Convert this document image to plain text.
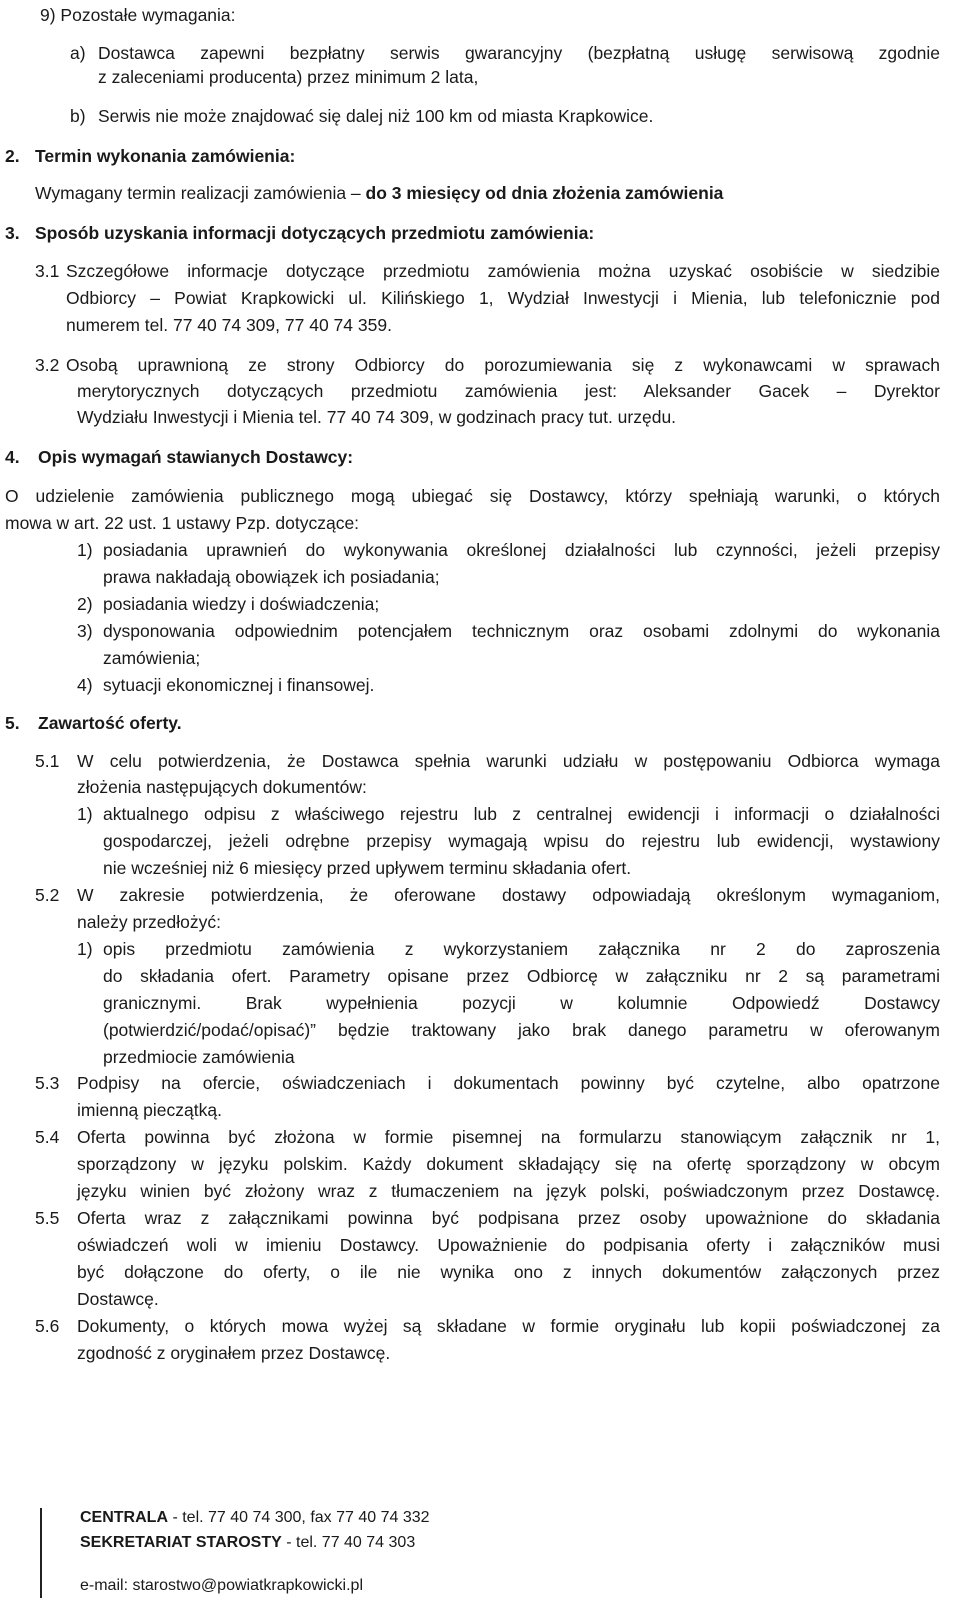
9) Pozostałe wymagania:
a) Dostawca zapewni bezpłatny serwis gwarancyjny (bezpłatną usługę serwisową zgodnie
z zaleceniami producenta) przez minimum 2 lata,
b) Serwis nie może znajdować się dalej niż 100 km od miasta Krapkowice.
2. Termin wykonania zamówienia:
Wymagany termin realizacji zamówienia – do 3 miesięcy od dnia złożenia zamówienia
3. Sposób uzyskania informacji dotyczących przedmiotu zamówienia:
3.1 Szczegółowe informacje dotyczące przedmiotu zamówienia można uzyskać osobiście w siedzibie
Odbiorcy – Powiat Krapkowicki ul. Kilińskiego 1, Wydział Inwestycji i Mienia, lub telefonicznie pod
numerem tel. 77 40 74 309, 77 40 74 359.
3.2 Osobą uprawnioną ze strony Odbiorcy do porozumiewania się z wykonawcami w sprawach
merytorycznych dotyczących przedmiotu zamówienia jest: Aleksander Gacek – Dyrektor
Wydziału Inwestycji i Mienia tel. 77 40 74 309, w godzinach pracy tut. urzędu.
4. Opis wymagań stawianych Dostawcy:
O udzielenie zamówienia publicznego mogą ubiegać się Dostawcy, którzy spełniają warunki, o których
mowa w art. 22 ust. 1 ustawy Pzp. dotyczące:
1) posiadania uprawnień do wykonywania określonej działalności lub czynności, jeżeli przepisy
prawa nakładają obowiązek ich posiadania;
2) posiadania wiedzy i doświadczenia;
3) dysponowania odpowiednim potencjałem technicznym oraz osobami zdolnymi do wykonania
zamówienia;
4) sytuacji ekonomicznej i finansowej.
5. Zawartość oferty.
5.1 W celu potwierdzenia, że Dostawca spełnia warunki udziału w postępowaniu Odbiorca wymaga
złożenia następujących dokumentów:
1) aktualnego odpisu z właściwego rejestru lub z centralnej ewidencji i informacji o działalności
gospodarczej, jeżeli odrębne przepisy wymagają wpisu do rejestru lub ewidencji, wystawiony
nie wcześniej niż 6 miesięcy przed upływem terminu składania ofert.
5.2 W zakresie potwierdzenia, że oferowane dostawy odpowiadają określonym wymaganiom,
należy przedłożyć:
1) opis przedmiotu zamówienia z wykorzystaniem załącznika nr 2 do zaproszenia
do składania ofert. Parametry opisane przez Odbiorcę w załączniku nr 2 są parametrami
granicznymi. Brak wypełnienia pozycji w kolumnie Odpowiedź Dostawcy
(potwierdzić/podać/opisać)” będzie traktowany jako brak danego parametru w oferowanym
przedmiocie zamówienia
5.3 Podpisy na ofercie, oświadczeniach i dokumentach powinny być czytelne, albo opatrzone
imienną pieczątką.
5.4 Oferta powinna być złożona w formie pisemnej na formularzu stanowiącym załącznik nr 1,
sporządzony w języku polskim. Każdy dokument składający się na ofertę sporządzony w obcym
języku winien być złożony wraz z tłumaczeniem na język polski, poświadczonym przez Dostawcę.
5.5 Oferta wraz z załącznikami powinna być podpisana przez osoby upoważnione do składania
oświadczeń woli w imieniu Dostawcy. Upoważnienie do podpisania oferty i załączników musi
być dołączone do oferty, o ile nie wynika ono z innych dokumentów załączonych przez
Dostawcę.
5.6 Dokumenty, o których mowa wyżej są składane w formie oryginału lub kopii poświadczonej za
zgodność z oryginałem przez Dostawcę.
CENTRALA - tel. 77 40 74 300, fax 77 40 74 332
SEKRETARIAT STAROSTY - tel. 77 40 74 303
e-mail: starostwo@powiatkrapkowicki.pl
